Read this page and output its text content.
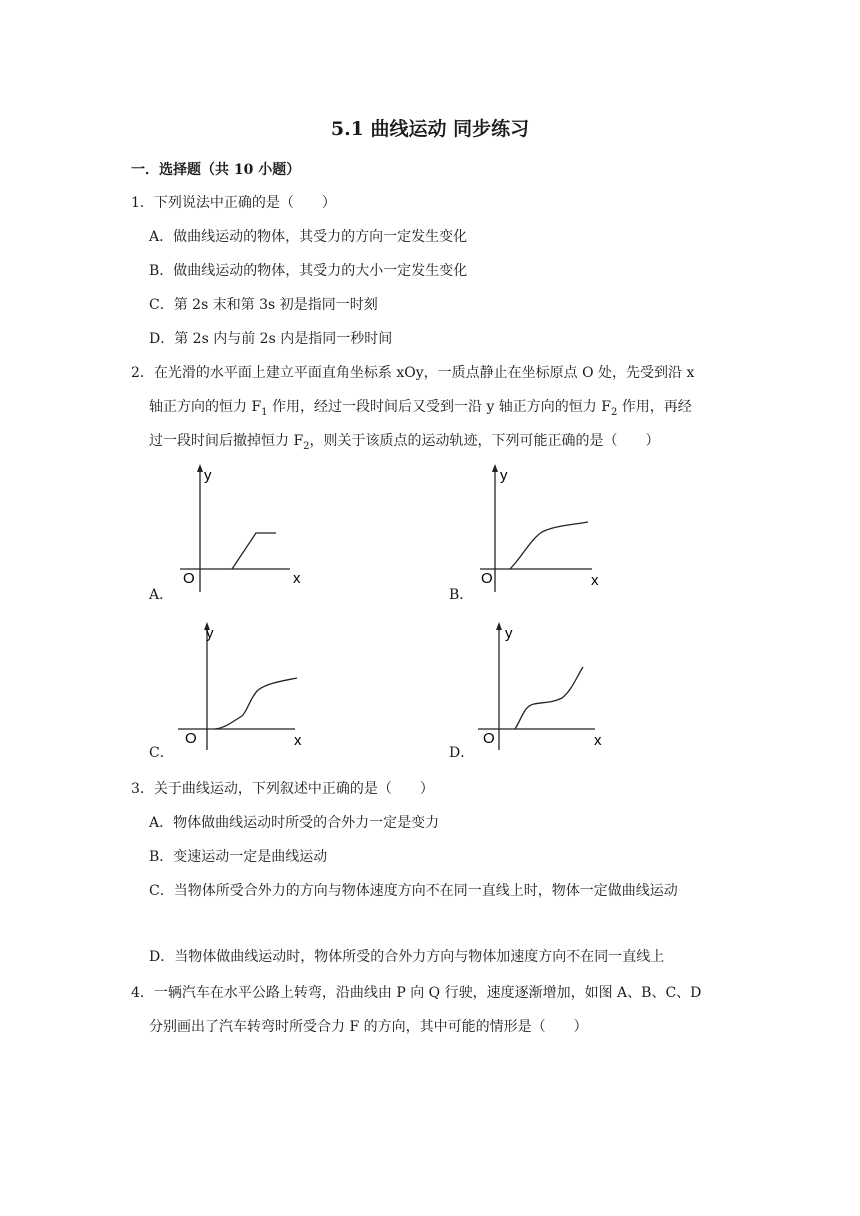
5.1 曲线运动 同步练习
一．选择题（共 10 小题）
1．下列说法中正确的是（　　）
A．做曲线运动的物体，其受力的方向一定发生变化
B．做曲线运动的物体，其受力的大小一定发生变化
C．第 2s 末和第 3s 初是指同一时刻
D．第 2s 内与前 2s 内是指同一秒时间
2．在光滑的水平面上建立平面直角坐标系 xOy，一质点静止在坐标原点 O 处，先受到沿 x
轴正方向的恒力 $F_1$ 作用，经过一段时间后又受到一沿 y 轴正方向的恒力 $F_2$ 作用，再经
过一段时间后撤掉恒力 $F_2$，则关于该质点的运动轨迹，下列可能正确的是（　　）
A．	B．
C．	D．
y
x
O
y
x
O
y
x
O
y
x
O
3．关于曲线运动，下列叙述中正确的是（　　）
A．物体做曲线运动时所受的合外力一定是变力
B．变速运动一定是曲线运动
C．当物体所受合外力的方向与物体速度方向不在同一直线上时，物体一定做曲线运动
D．当物体做曲线运动时，物体所受的合外力方向与物体加速度方向不在同一直线上
4．一辆汽车在水平公路上转弯，沿曲线由 P 向 Q 行驶，速度逐渐增加，如图 A、B、C、D
分别画出了汽车转弯时所受合力 F 的方向，其中可能的情形是（　　）
